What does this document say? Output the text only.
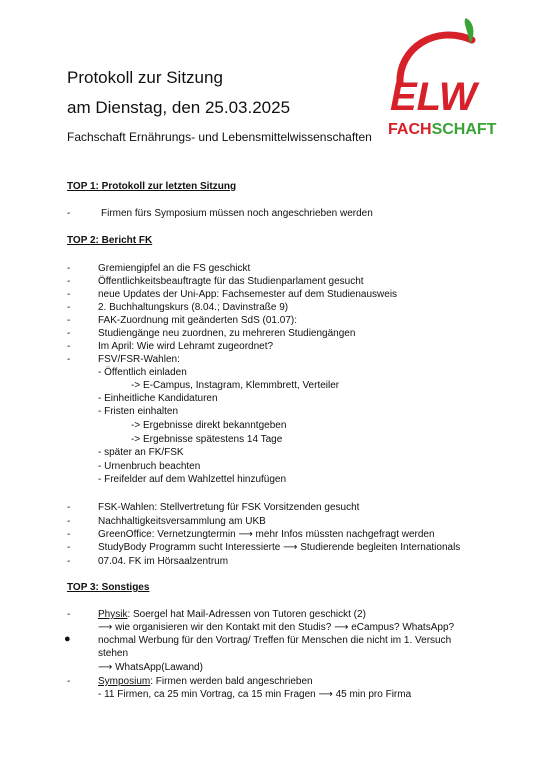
ELW
FACHSCHAFT
Protokoll zur Sitzung
am Dienstag, den 25.03.2025
Fachschaft Ernährungs- und Lebensmittelwissenschaften
TOP 1: Protokoll zur letzten Sitzung
-	Firmen fürs Symposium müssen noch angeschrieben werden
TOP 2: Bericht FK
-	Gremiengipfel an die FS geschickt
-	Öffentlichkeitsbeauftragte für das Studienparlament gesucht
-	neue Updates der Uni-App: Fachsemester auf dem Studienausweis
-	2. Buchhaltungskurs (8.04.; Davinstraße 9)
-	FAK-Zuordnung mit geänderten SdS (01.07):
-	Studiengänge neu zuordnen, zu mehreren Studiengängen
-	Im April: Wie wird Lehramt zugeordnet?
-	FSV/FSR-Wahlen:
- Öffentlich einladen
-> E-Campus, Instagram, Klemmbrett, Verteiler
- Einheitliche Kandidaturen
- Fristen einhalten
-> Ergebnisse direkt bekanntgeben
-> Ergebnisse spätestens 14 Tage
- später an FK/FSK
- Urnenbruch beachten
- Freifelder auf dem Wahlzettel hinzufügen
-	FSK-Wahlen: Stellvertretung für FSK Vorsitzenden gesucht
-	Nachhaltigkeitsversammlung am UKB
-	GreenOffice: Vernetzungtermin ⟶ mehr Infos müssten nachgefragt werden
-	StudyBody Programm sucht Interessierte ⟶ Studierende begleiten Internationals
-	07.04. FK im Hörsaalzentrum
TOP 3: Sonstiges
-	Physik: Soergel hat Mail-Adressen von Tutoren geschickt (2)
⟶ wie organisieren wir den Kontakt mit den Studis? ⟶ eCampus? WhatsApp?
●	nochmal Werbung für den Vortrag/ Treffen für Menschen die nicht im 1. Versuch
stehen
⟶ WhatsApp(Lawand)
-	Symposium: Firmen werden bald angeschrieben
- 11 Firmen, ca 25 min Vortrag, ca 15 min Fragen ⟶ 45 min pro Firma
